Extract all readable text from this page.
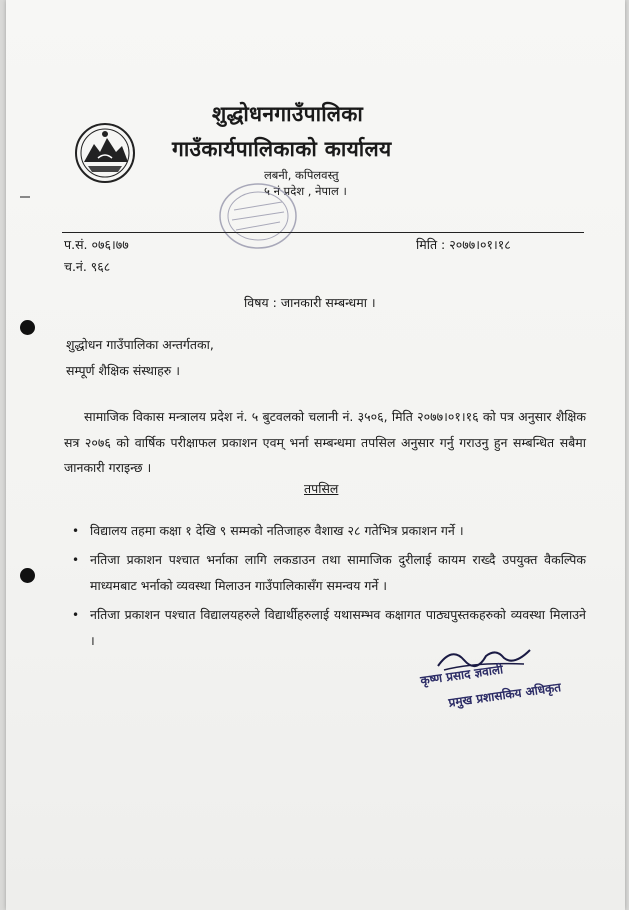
शुद्धोधनगाउँपालिका
गाउँकार्यपालिकाको कार्यालय
लबनी, कपिलवस्तु
५ नं प्रदेश , नेपाल ।
प.सं. ०७६।७७
च.नं. ९६८
मिति : २०७७।०१।१८
विषय : जानकारी सम्बन्धमा ।
शुद्धोधन गाउँपालिका अन्तर्गतका,
सम्पूर्ण शैक्षिक संस्थाहरु ।
सामाजिक विकास मन्त्रालय प्रदेश नं. ५ बुटवलको चलानी नं. ३५०६, मिति २०७७।०१।१६ को पत्र अनुसार शैक्षिक सत्र २०७६ को वार्षिक परीक्षाफल प्रकाशन एवम् भर्ना सम्बन्धमा तपसिल अनुसार गर्नु गराउनु हुन सम्बन्धित सबैमा जानकारी गराइन्छ ।
तपसिल
• विद्यालय तहमा कक्षा १ देखि ९ सम्मको नतिजाहरु वैशाख २८ गतेभित्र प्रकाशन गर्ने ।
• नतिजा प्रकाशन पश्चात भर्नाका लागि लकडाउन तथा सामाजिक दुरीलाई कायम राख्दै उपयुक्त वैकल्पिक माध्यमबाट भर्नाको व्यवस्था मिलाउन गाउँपालिकासँग समन्वय गर्ने ।
• नतिजा प्रकाशन पश्चात विद्यालयहरुले विद्यार्थीहरुलाई यथासम्भव कक्षागत पाठ्यपुस्तकहरुको व्यवस्था मिलाउने ।
कृष्ण प्रसाद ज्ञवाली
प्रमुख प्रशासकिय अधिकृत
